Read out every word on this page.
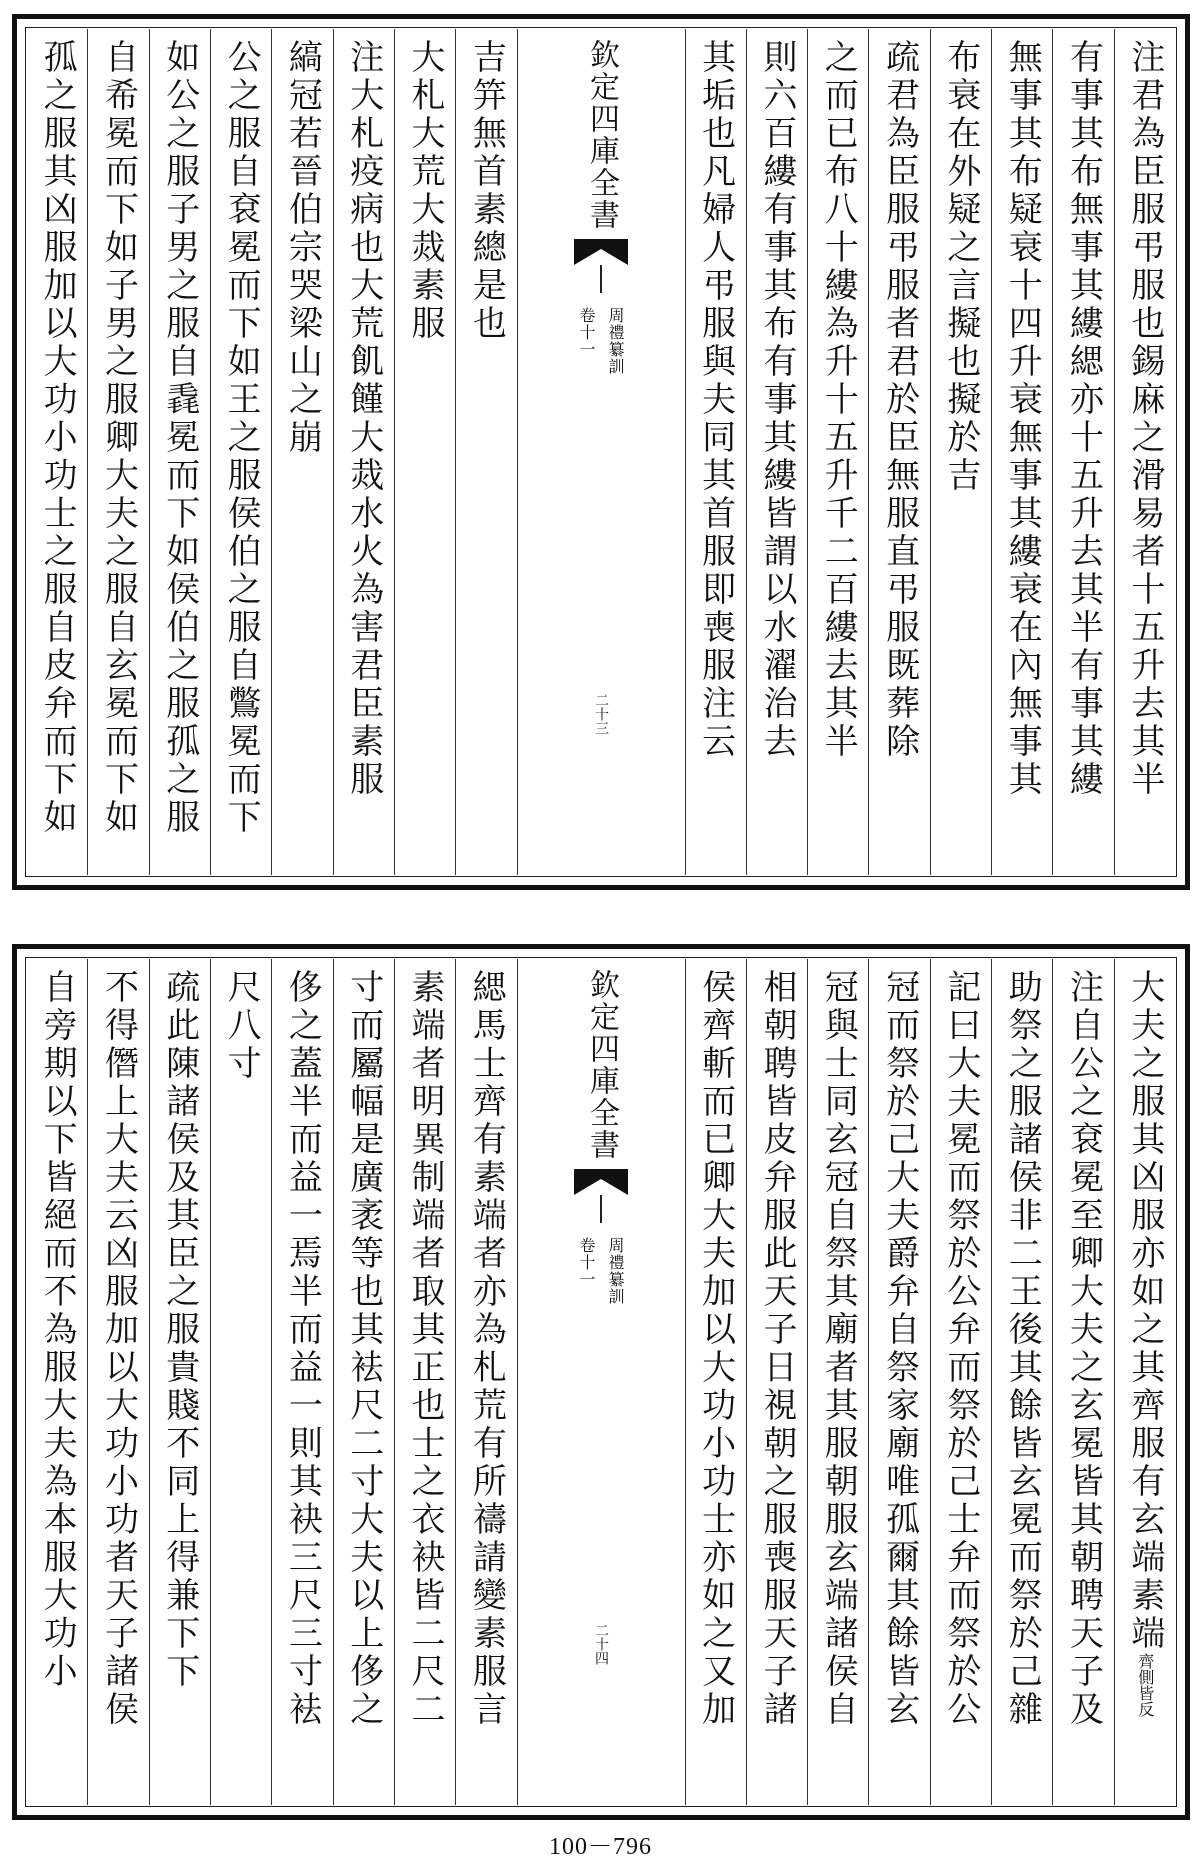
注君為臣服弔服也錫麻之滑易者十五升去其半
有事其布無事其縷緦亦十五升去其半有事其縷
無事其布疑衰十四升衰無事其縷衰在內無事其
布衰在外疑之言擬也擬於吉
疏君為臣服弔服者君於臣無服直弔服既葬除
之而已布八十縷為升十五升千二百縷去其半
則六百縷有事其布有事其縷皆謂以水濯治去
其垢也凡婦人弔服與夫同其首服即喪服注云
欽定四庫全書
周禮纂訓
卷十一
二十三
吉笄無首素總是也
大札大荒大烖素服
注大札疫病也大荒飢饉大烖水火為害君臣素服
縞冠若晉伯宗哭梁山之崩
公之服自袞冕而下如王之服侯伯之服自鷩冕而下
如公之服子男之服自毳冕而下如侯伯之服孤之服
自希冕而下如子男之服卿大夫之服自玄冕而下如
孤之服其凶服加以大功小功士之服自皮弁而下如
大夫之服其凶服亦如之其齊服有玄端素端齊側皆反
注自公之袞冕至卿大夫之玄冕皆其朝聘天子及
助祭之服諸侯非二王後其餘皆玄冕而祭於己雜
記曰大夫冕而祭於公弁而祭於己士弁而祭於公
冠而祭於己大夫爵弁自祭家廟唯孤爾其餘皆玄
冠與士同玄冠自祭其廟者其服朝服玄端諸侯自
相朝聘皆皮弁服此天子日視朝之服喪服天子諸
侯齊斬而已卿大夫加以大功小功士亦如之又加
欽定四庫全書
周禮纂訓
卷十一
二十四
緦馬士齊有素端者亦為札荒有所禱請變素服言
素端者明異制端者取其正也士之衣袂皆二尺二
寸而屬幅是廣袤等也其袪尺二寸大夫以上侈之
侈之蓋半而益一焉半而益一則其袂三尺三寸袪
尺八寸
疏此陳諸侯及其臣之服貴賤不同上得兼下下
不得僭上大夫云凶服加以大功小功者天子諸侯
自旁期以下皆絕而不為服大夫為本服大功小
100－796
